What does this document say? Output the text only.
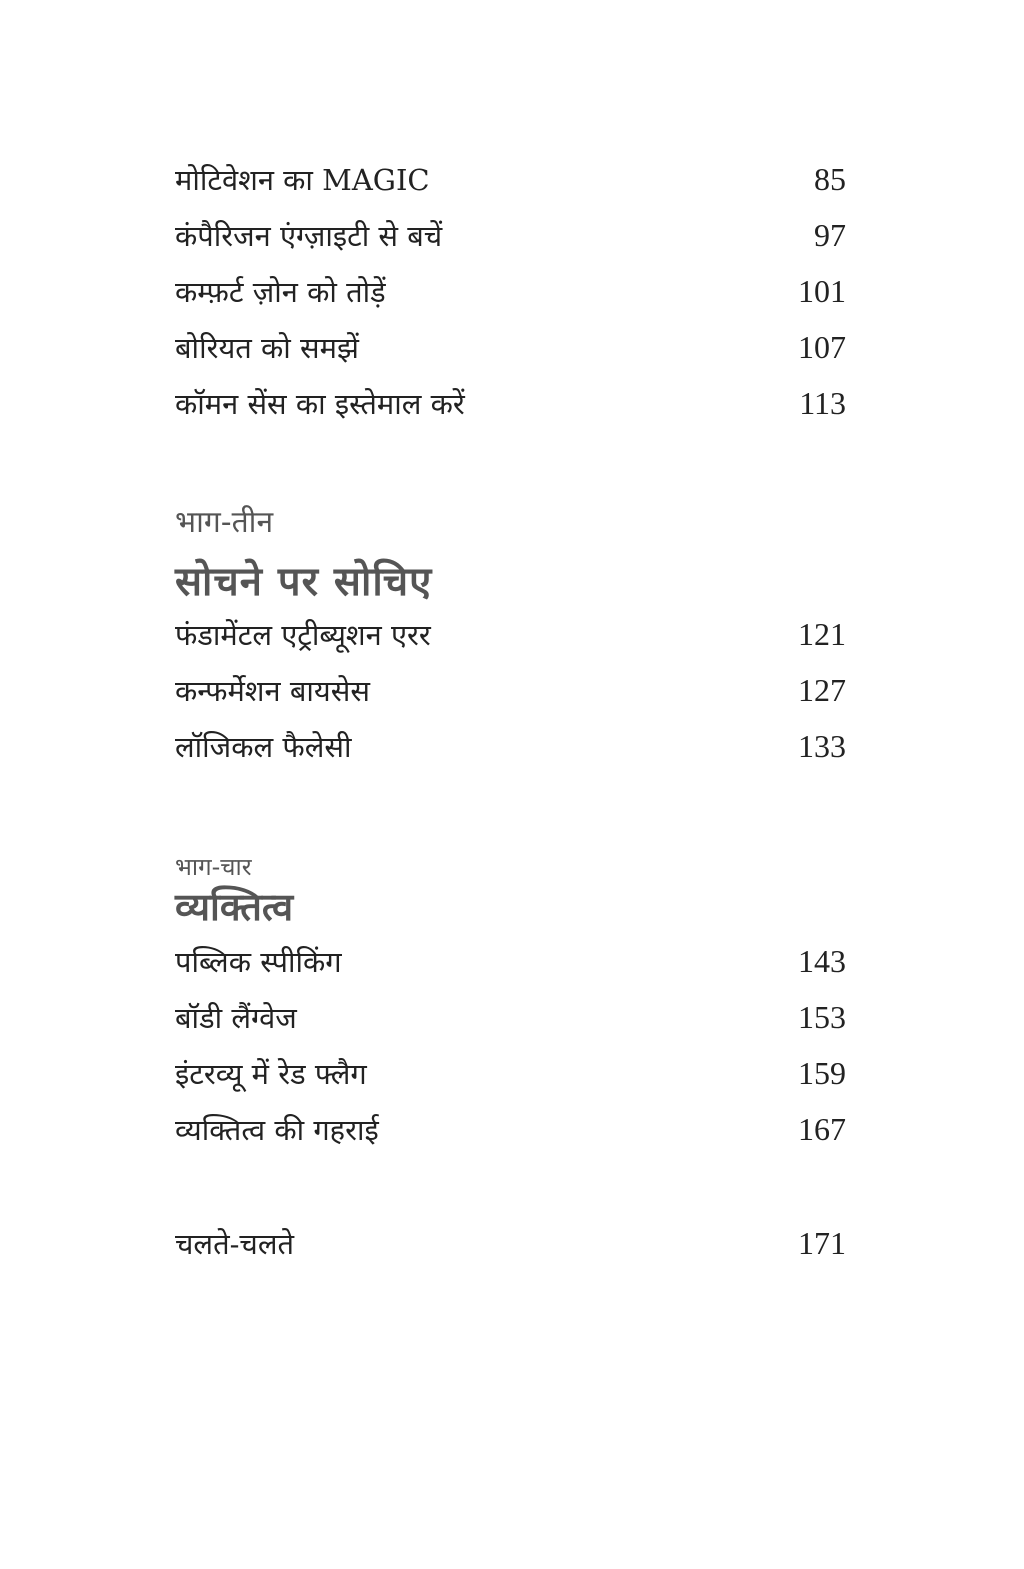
मोटिवेशन का MAGIC	85
कंपैरिजन एंग्ज़ाइटी से बचें	97
कम्फ़र्ट ज़ोन को तोड़ें	101
बोरियत को समझें	107
कॉमन सेंस का इस्तेमाल करें	113
भाग-तीन
सोचने पर सोचिए
फंडामेंटल एट्रीब्यूशन एरर	121
कन्फर्मेशन बायसेस	127
लॉजिकल फैलेसी	133
भाग-चार
व्यक्तित्व
पब्लिक स्पीकिंग	143
बॉडी लैंग्वेज	153
इंटरव्यू में रेड फ्लैग	159
व्यक्तित्व की गहराई	167
चलते-चलते	171
